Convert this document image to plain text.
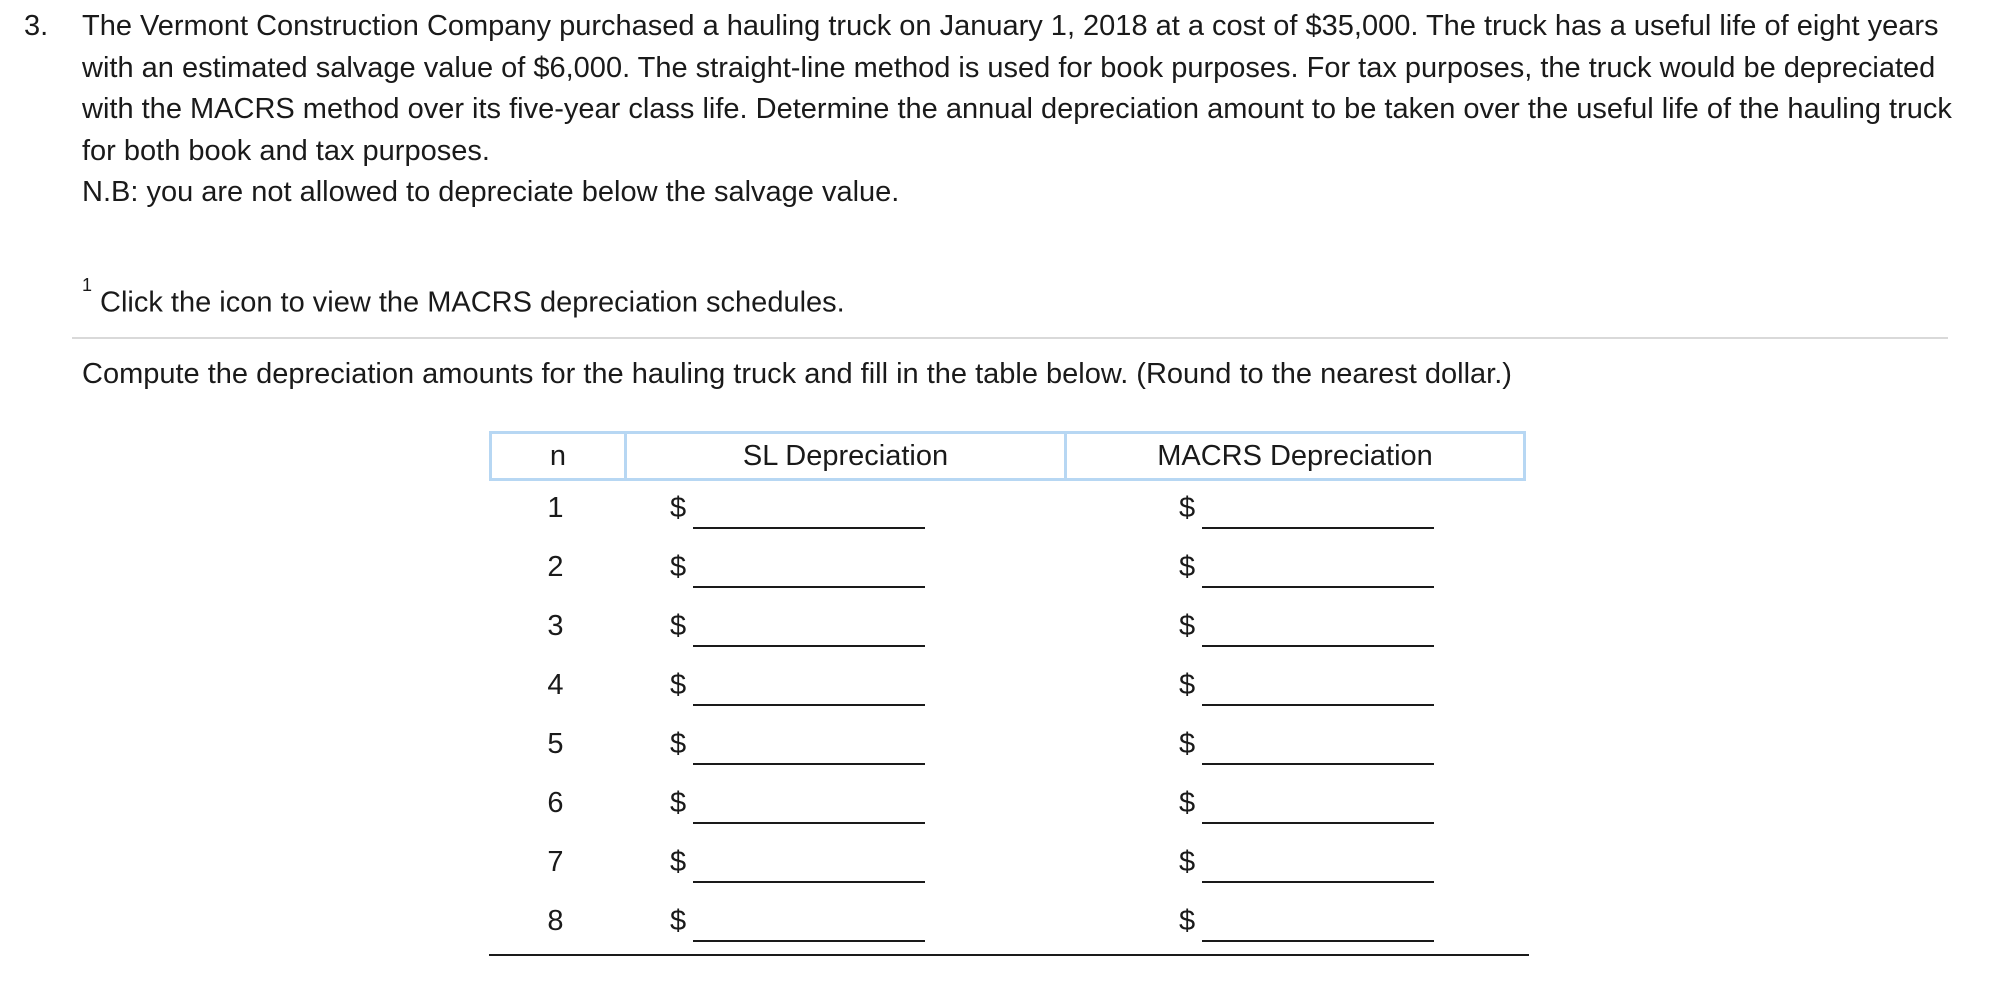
3. The Vermont Construction Company purchased a hauling truck on January 1, 2018 at a cost of $35,000. The truck has a useful life of eight years with an estimated salvage value of $6,000. The straight-line method is used for book purposes. For tax purposes, the truck would be depreciated with the MACRS method over its five-year class life. Determine the annual depreciation amount to be taken over the useful life of the hauling truck for both book and tax purposes.

N.B: you are not allowed to depreciate below the salvage value.

$^1$Click the icon to view the MACRS depreciation schedules.
Compute the depreciation amounts for the hauling truck and fill in the table below. (Round to the nearest dollar.)
n	SL Depreciation	MACRS Depreciation
1	$	$
2	$	$
3	$	$
4	$	$
5	$	$
6	$	$
7	$	$
8	$	$
